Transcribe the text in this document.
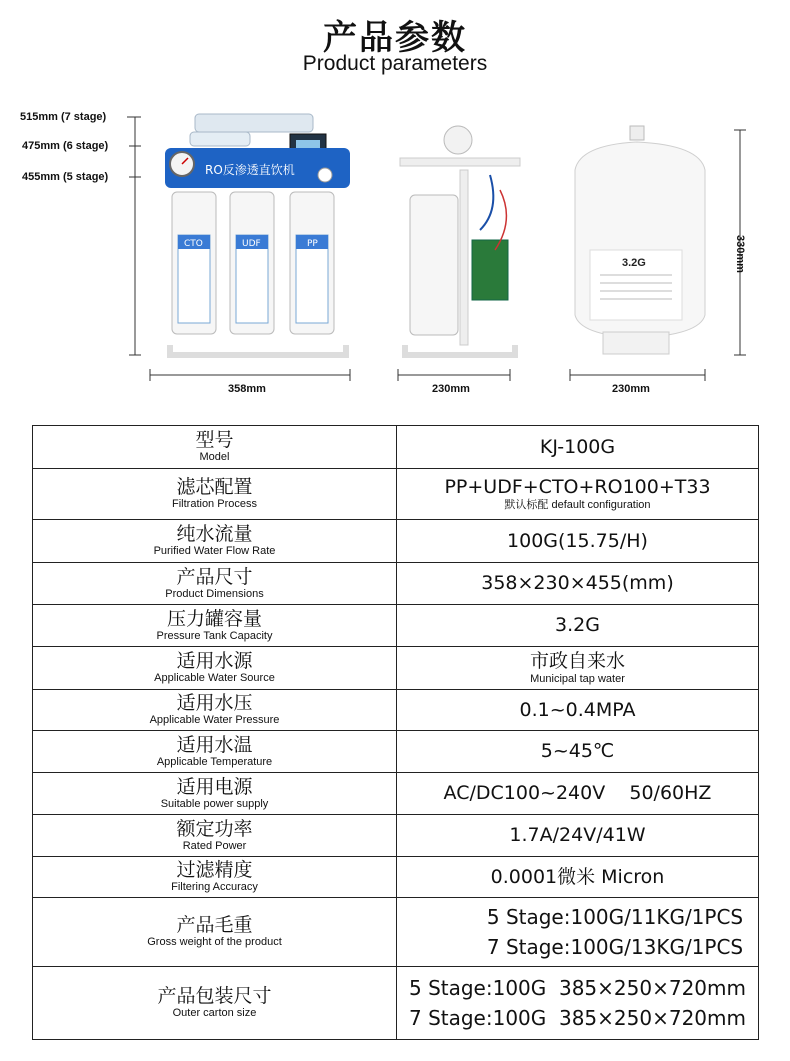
产品参数
Product parameters
515mm (7 stage)
475mm (6 stage)
455mm (5 stage)	RO反渗透直饮机
CTO	UDF	PP
3.2G
358mm	230mm	230mm
330mm
型号
Model	KJ-100G

滤芯配置
Filtration Process	PP+UDF+CTO+RO100+T33
默认标配 default configuration

纯水流量
Purified Water Flow Rate	100G(15.75/H)

产品尺寸
Product Dimensions	358×230×455(mm)

压力罐容量
Pressure Tank Capacity	3.2G

适用水源
Applicable Water Source	市政自来水
Municipal tap water

适用水压
Applicable Water Pressure	0.1~0.4MPA

适用水温
Applicable Temperature	5~45℃

适用电源
Suitable power supply	AC/DC100~240V    50/60HZ

额定功率
Rated Power	1.7A/24V/41W

过滤精度
Filtering Accuracy	0.0001微米 Micron

产品毛重
Gross weight of the product	5 Stage:100G/11KG/1PCS
7 Stage:100G/13KG/1PCS

产品包装尺寸
Outer carton size	5 Stage:100G  385×250×720mm
7 Stage:100G  385×250×720mm
